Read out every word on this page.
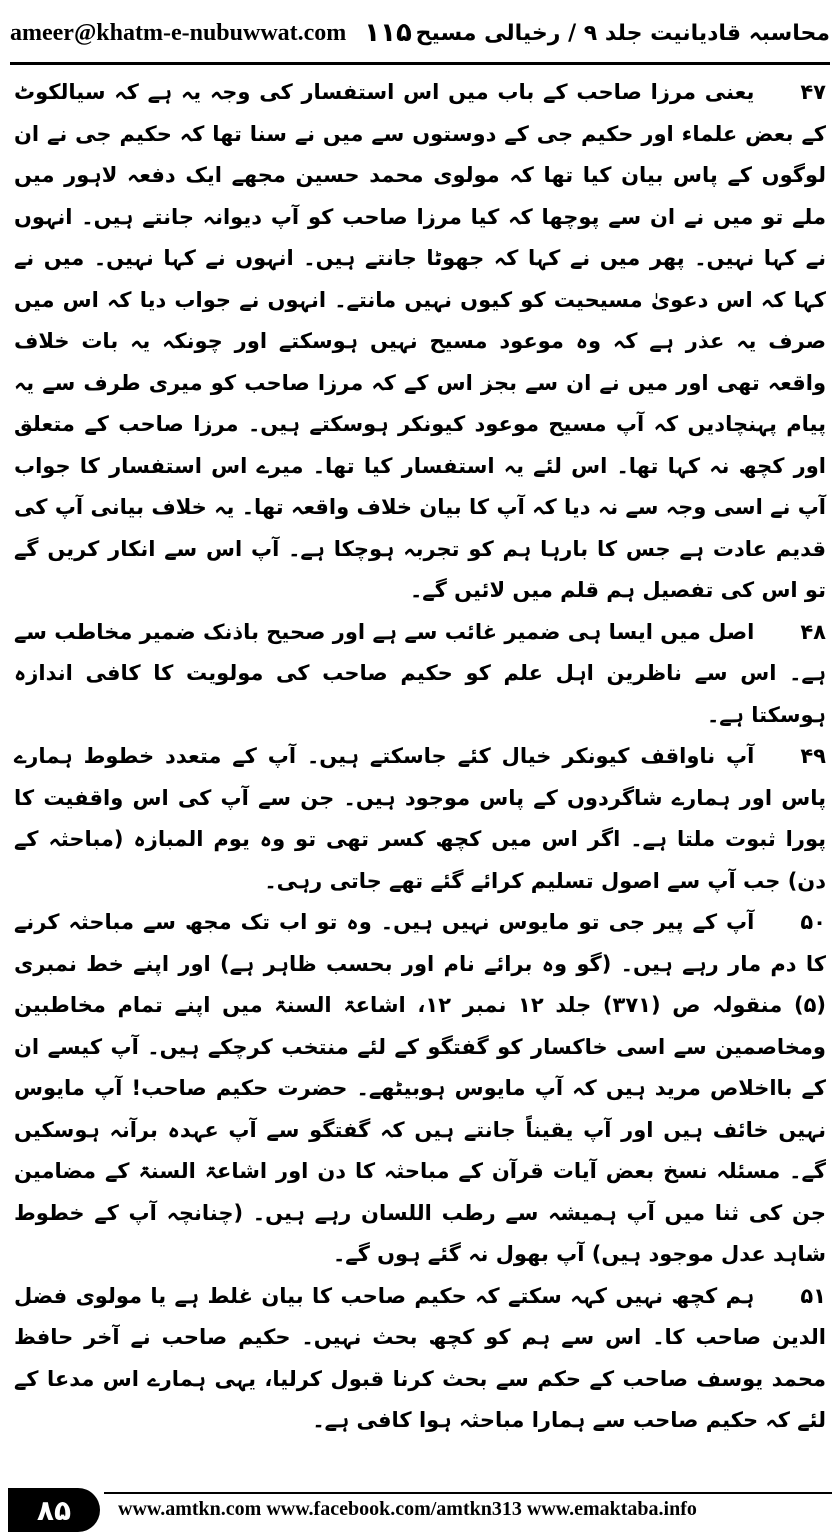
ameer@khatm-e-nubuwwat.com ۱۱۵ محاسبہ قادیانیت جلد ۹ / رخیالی مسیح

۴۷یعنی مرزا صاحب کے باب میں اس استفسار کی وجہ یہ ہے کہ سیالکوٹ کے بعض علماء اور حکیم جی کے دوستوں سے میں نے سنا تھا کہ حکیم جی نے ان لوگوں کے پاس بیان کیا تھا کہ مولوی محمد حسین مجھے ایک دفعہ لاہور میں ملے تو میں نے ان سے پوچھا کہ کیا مرزا صاحب کو آپ دیوانہ جانتے ہیں۔ انہوں نے کہا نہیں۔ پھر میں نے کہا کہ جھوٹا جانتے ہیں۔ انہوں نے کہا نہیں۔ میں نے کہا کہ اس دعویٰ مسیحیت کو کیوں نہیں مانتے۔ انہوں نے جواب دیا کہ اس میں صرف یہ عذر ہے کہ وہ موعود مسیح نہیں ہوسکتے اور چونکہ یہ بات خلاف واقعہ تھی اور میں نے ان سے بجز اس کے کہ مرزا صاحب کو میری طرف سے یہ پیام پہنچادیں کہ آپ مسیح موعود کیونکر ہوسکتے ہیں۔ مرزا صاحب کے متعلق اور کچھ نہ کہا تھا۔ اس لئے یہ استفسار کیا تھا۔ میرے اس استفسار کا جواب آپ نے اسی وجہ سے نہ دیا کہ آپ کا بیان خلاف واقعہ تھا۔ یہ خلاف بیانی آپ کی قدیم عادت ہے جس کا بارہا ہم کو تجربہ ہوچکا ہے۔ آپ اس سے انکار کریں گے تو اس کی تفصیل ہم قلم میں لائیں گے۔

۴۸اصل میں ایسا ہی ضمیر غائب سے ہے اور صحیح باذنک ضمیر مخاطب سے ہے۔ اس سے ناظرین اہل علم کو حکیم صاحب کی مولویت کا کافی اندازہ ہوسکتا ہے۔

۴۹آپ ناواقف کیونکر خیال کئے جاسکتے ہیں۔ آپ کے متعدد خطوط ہمارے پاس اور ہمارے شاگردوں کے پاس موجود ہیں۔ جن سے آپ کی اس واقفیت کا پورا ثبوت ملتا ہے۔ اگر اس میں کچھ کسر تھی تو وہ یوم المبازہ (مباحثہ کے دن) جب آپ سے اصول تسلیم کرائے گئے تھے جاتی رہی۔

۵۰آپ کے پیر جی تو مایوس نہیں ہیں۔ وہ تو اب تک مجھ سے مباحثہ کرنے کا دم مار رہے ہیں۔ (گو وہ برائے نام اور بحسب ظاہر ہے) اور اپنے خط نمبری (۵) منقولہ ص (۳۷۱) جلد ۱۲ نمبر ۱۲، اشاعۃ السنۃ میں اپنے تمام مخاطبین ومخاصمین سے اسی خاکسار کو گفتگو کے لئے منتخب کرچکے ہیں۔ آپ کیسے ان کے بااخلاص مرید ہیں کہ آپ مایوس ہوبیٹھے۔ حضرت حکیم صاحب! آپ مایوس نہیں خائف ہیں اور آپ یقیناً جانتے ہیں کہ گفتگو سے آپ عہدہ برآنہ ہوسکیں گے۔ مسئلہ نسخ بعض آیات قرآن کے مباحثہ کا دن اور اشاعۃ السنۃ کے مضامین جن کی ثنا میں آپ ہمیشہ سے رطب اللسان رہے ہیں۔ (چنانچہ آپ کے خطوط شاہد عدل موجود ہیں) آپ بھول نہ گئے ہوں گے۔

۵۱ہم کچھ نہیں کہہ سکتے کہ حکیم صاحب کا بیان غلط ہے یا مولوی فضل الدین صاحب کا۔ اس سے ہم کو کچھ بحث نہیں۔ حکیم صاحب نے آخر حافظ محمد یوسف صاحب کے حکم سے بحث کرنا قبول کرلیا، یہی ہمارے اس مدعا کے لئے کہ حکیم صاحب سے ہمارا مباحثہ ہوا کافی ہے۔

۸۵	www.amtkn.com www.facebook.com/amtkn313 www.emaktaba.info
